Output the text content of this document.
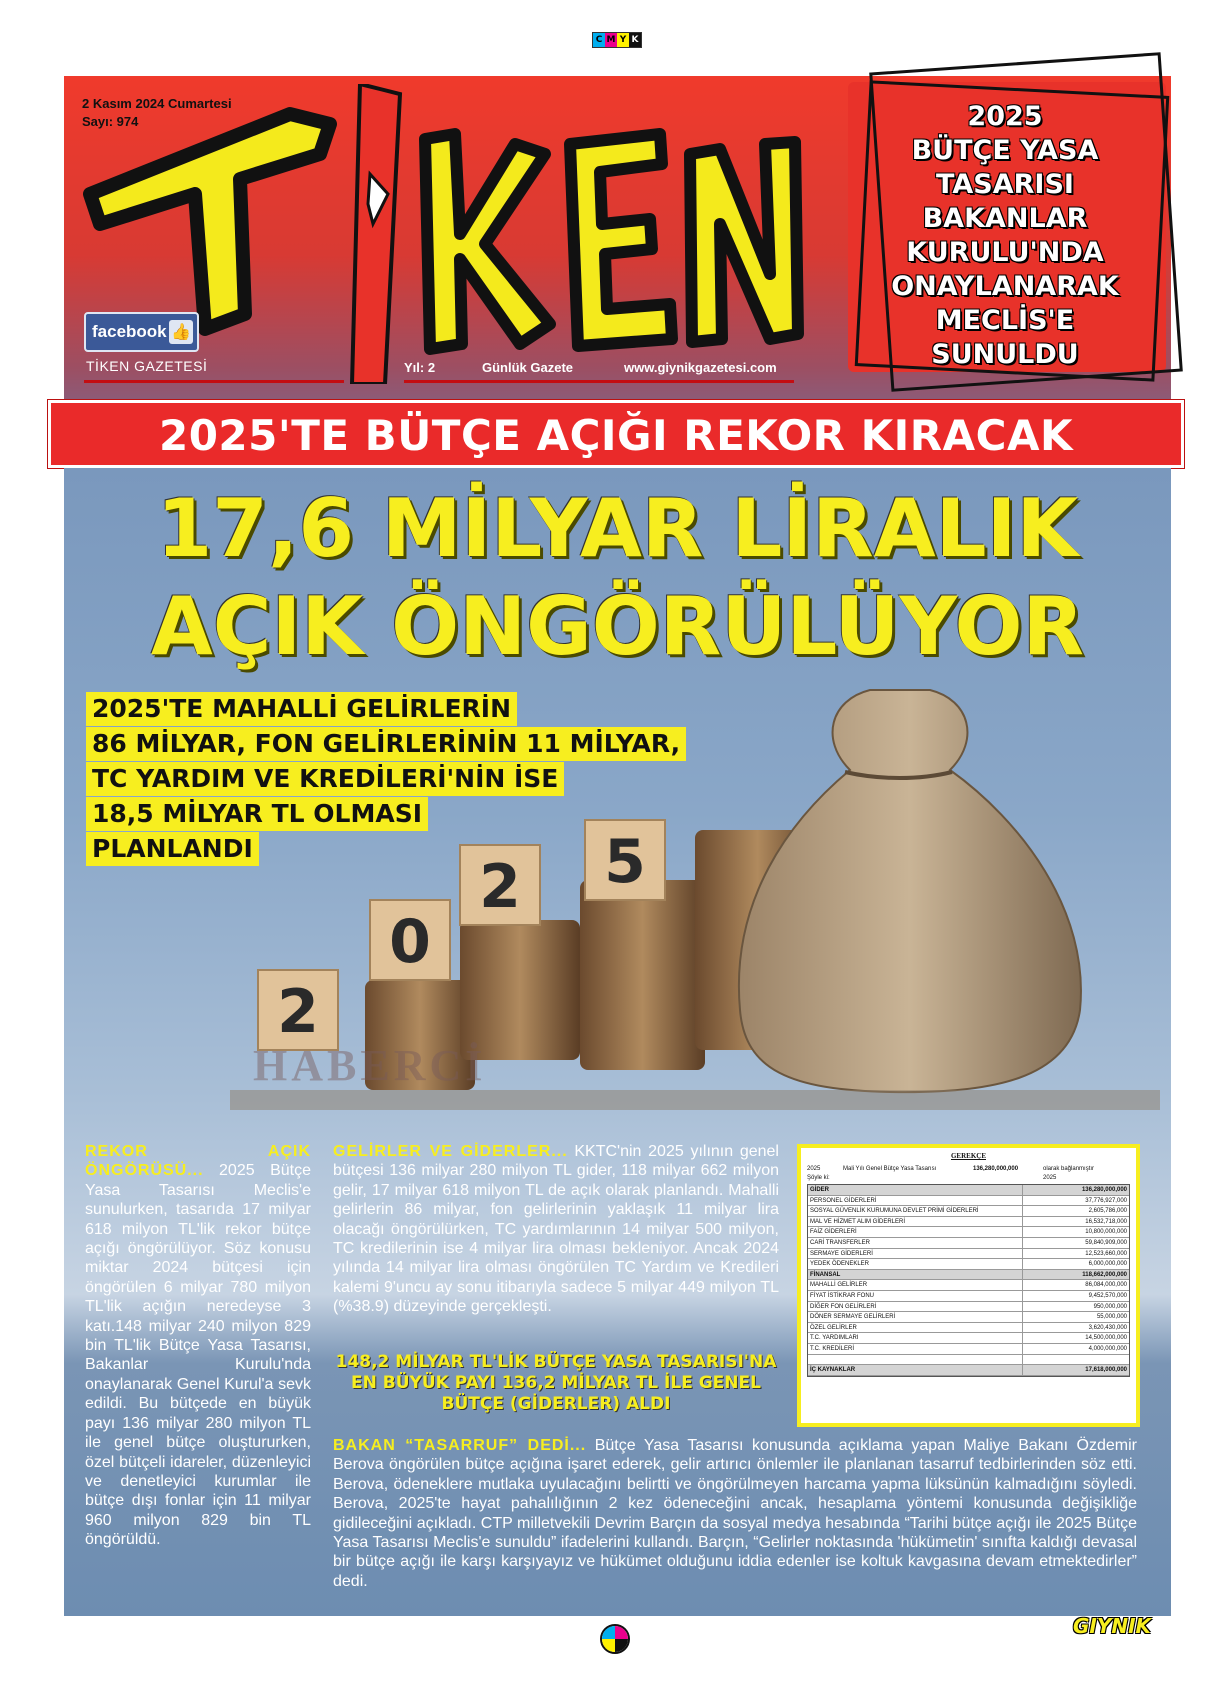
C M Y K
2 Kasım 2024 Cumartesi
Sayı: 974
facebook 👍
TİKEN GAZETESİ	Yıl: 2	Günlük Gazete	www.giynikgazetesi.com
2025
BÜTÇE YASA
TASARISI
BAKANLAR
KURULU'NDA
ONAYLANARAK
MECLİS'E
SUNULDU
2025'TE BÜTÇE AÇIĞI REKOR KIRACAK
17,6 MİLYAR LİRALIK
AÇIK ÖNGÖRÜLÜYOR
2025'TE MAHALLİ GELİRLERİN
86 MİLYAR, FON GELİRLERİNİN 11 MİLYAR,
TC YARDIM VE KREDİLERİ'NİN İSE
18,5 MİLYAR TL OLMASI
PLANLANDI
2
0
2 5
HABERCİ
REKOR AÇIK ÖNGÖRÜSÜ... 2025 Bütçe Yasa Tasarısı Meclis'e sunulurken, tasarıda 17 milyar 618 milyon TL'lik rekor bütçe açığı öngörülüyor. Söz konusu miktar 2024 bütçesi için öngörülen 6 milyar 780 milyon TL'lik açığın neredeyse 3 katı.148 milyar 240 milyon 829 bin TL'lik Bütçe Yasa Tasarısı, Bakanlar Kurulu'nda onaylanarak Genel Kurul'a sevk edildi. Bu bütçede en büyük payı 136 milyar 280 milyon TL ile genel bütçe oluştururken, özel bütçeli idareler, düzenleyici ve denetleyici kurumlar ile bütçe dışı fonlar için 11 milyar 960 milyon 829 bin TL öngörüldü.
GELİRLER VE GİDERLER... KKTC'nin 2025 yılının genel bütçesi 136 milyar 280 milyon TL gider, 118 milyar 662 milyon gelir, 17 milyar 618 milyon TL de açık olarak planlandı. Mahalli gelirlerin 86 milyar, fon gelirlerinin yaklaşık 11 milyar lira olacağı öngörülürken, TC yardımlarının 14 milyar 500 milyon, TC kredilerinin ise 4 milyar lira olması bekleniyor. Ancak 2024 yılında 14 milyar lira olması öngörülen TC Yardım ve Kredileri kalemi 9'uncu ay sonu itibarıyla sadece 5 milyar 449 milyon TL (%38.9) düzeyinde gerçekleşti.
148,2 MİLYAR TL'LİK BÜTÇE YASA TASARISI'NA EN BÜYÜK PAYI 136,2 MİLYAR TL İLE GENEL BÜTÇE (GİDERLER) ALDI
BAKAN “TASARRUF” DEDİ... Bütçe Yasa Tasarısı konusunda açıklama yapan Maliye Bakanı Özdemir Berova öngörülen bütçe açığına işaret ederek, gelir artırıcı önlemler ile planlanan tasarruf tedbirlerinden söz etti. Berova, ödeneklere mutlaka uyulacağını belirtti ve öngörülmeyen harcama yapma lüksünün kalmadığını söyledi. Berova, 2025'te hayat pahalılığının 2 kez ödeneceğini ancak, hesaplama yöntemi konusunda değişikliğe gidileceğini açıkladı. CTP milletvekili Devrim Barçın da sosyal medya hesabında “Tarihi bütçe açığı ile 2025 Bütçe Yasa Tasarısı Meclis'e sunuldu” ifadelerini kullandı. Barçın, “Gelirler noktasında 'hükümetin' sınıfta kaldığı devasal bir bütçe açığı ile karşı karşıyayız ve hükümet olduğunu iddia edenler ise koltuk kavgasına devam etmektedirler” dedi.
GEREKÇE
2025	Mali Yılı Genel Bütçe Yasa Tasarısı	136,280,000,000	olarak bağlanmıştır
Şöyle ki:	2025
GİDER	136,280,000,000
PERSONEL GİDERLERİ	37,776,927,000
SOSYAL GÜVENLİK KURUMUNA DEVLET PRİMİ GİDERLERİ	2,605,786,000
MAL VE HİZMET ALIM GİDERLERİ	16,532,718,000
FAİZ GİDERLERİ	10,800,000,000
CARİ TRANSFERLER	59,840,909,000
SERMAYE GİDERLERİ	12,523,660,000
YEDEK ÖDENEKLER	6,000,000,000
FİNANSAL	118,662,000,000
MAHALLİ GELİRLER	86,084,000,000
FİYAT İSTİKRAR FONU	9,452,570,000
DİĞER FON GELİRLERİ	950,000,000
DÖNER SERMAYE GELİRLERİ	55,000,000
ÖZEL GELİRLER	3,620,430,000
T.C. YARDIMLARI	14,500,000,000
T.C. KREDİLERİ	4,000,000,000
İÇ KAYNAKLAR	17,618,000,000
GIYNIK
